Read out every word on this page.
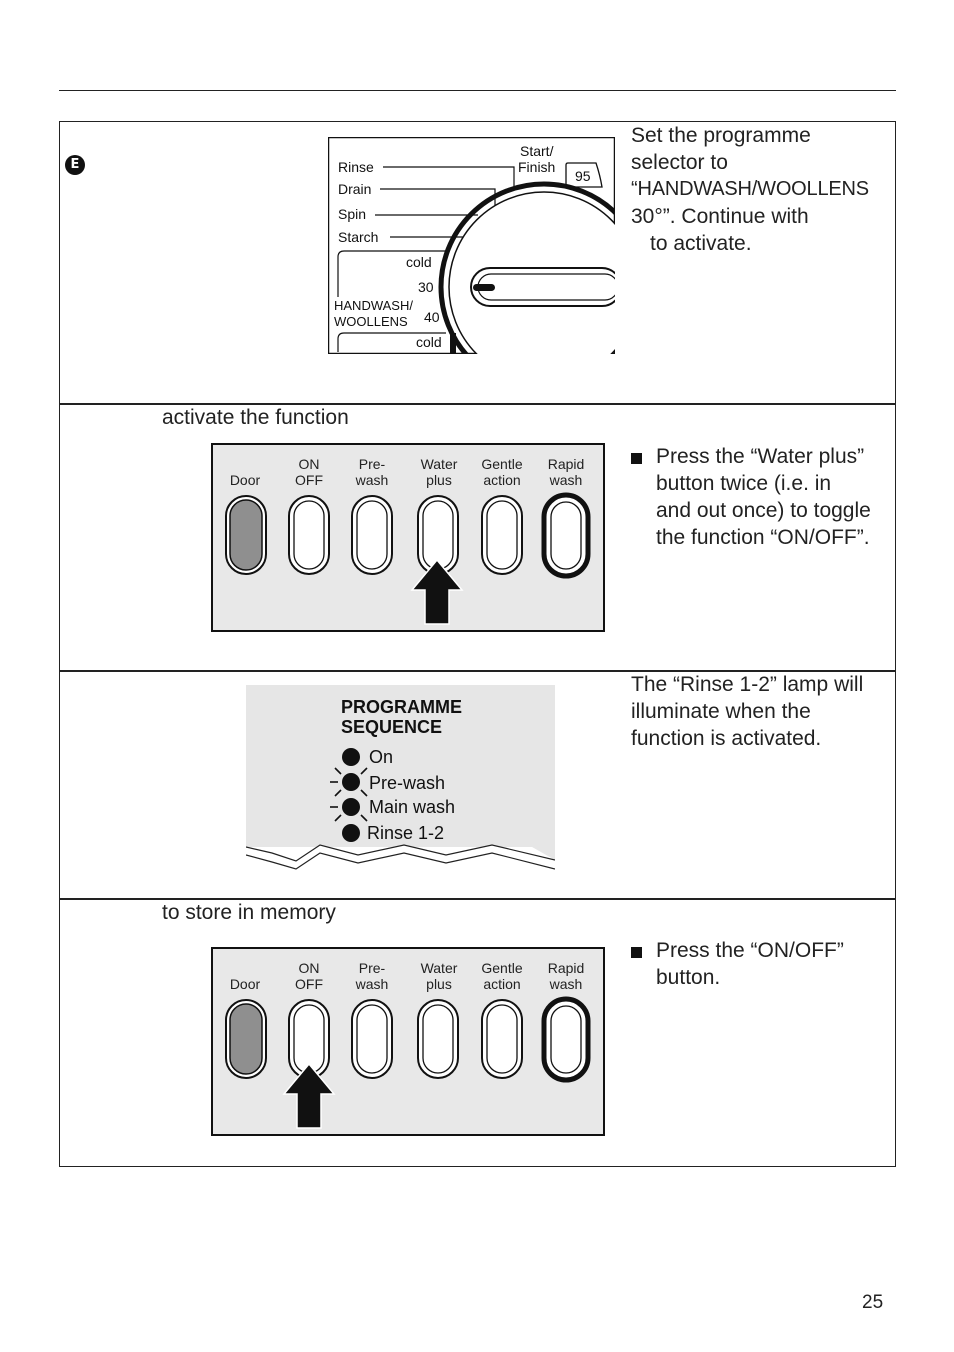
E	Rinse
Drain
Spin
Starch
Start/
Finish
cold
30
HANDWASH/
WOOLLENS 40
cold
95
Set the programme
selector to
“HANDWASH/WOOLLENS
30°”. Continue with
to activate.
activate the function
Door
ON
OFF
Pre-
wash
Water
plus
Gentle
action
Rapid
wash
Press the “Water plus”
button twice (i.e. in
and out once) to toggle
the function “ON/OFF”.
PROGRAMME
SEQUENCE
On
Pre-wash
Main wash
Rinse 1-2
The “Rinse 1-2” lamp will
illuminate when the
function is activated.
to store in memory
Door
ON
OFF
Pre-
wash
Water
plus
Gentle
action
Rapid
wash
Press the “ON/OFF”
button.
25
